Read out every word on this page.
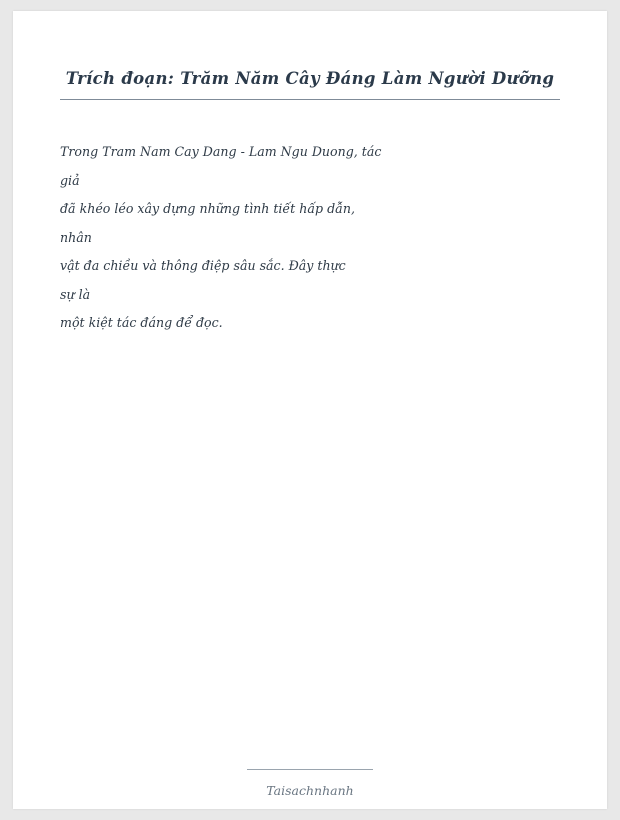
Trích đoạn: Trăm Năm Cây Đáng Làm Người Dưỡng
Trong Tram Nam Cay Dang - Lam Ngu Duong, tác
giả
đã khéo léo xây dựng những tình tiết hấp dẫn,
nhân
vật đa chiều và thông điệp sâu sắc. Đây thực
sự là
một kiệt tác đáng để đọc.
Taisachnhanh
